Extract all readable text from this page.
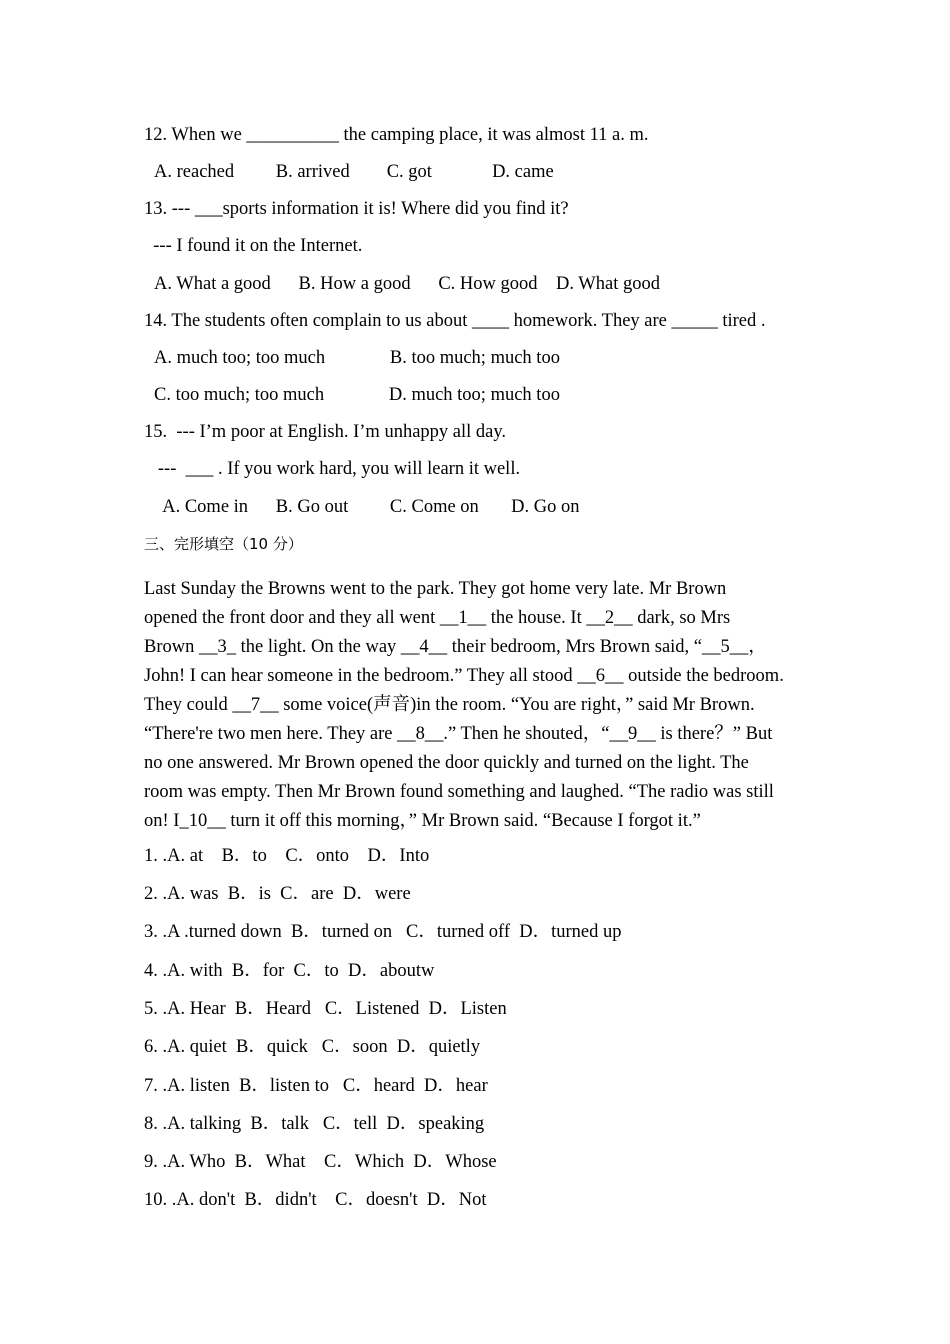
12. When we __________ the camping place, it was almost 11 a. m.
A. reached         B. arrived        C. got             D. came
13. --- ___sports information it is! Where did you find it?
--- I found it on the Internet.
A. What a good      B. How a good      C. How good    D. What good
14. The students often complain to us about ____ homework. They are _____ tired .
A. much too; too much              B. too much; much too
C. too much; too much              D. much too; much too
15.  --- I’m poor at English. I’m unhappy all day.
---  ___ . If you work hard, you will learn it well.
A. Come in      B. Go out         C. Come on       D. Go on
三、完形填空（10 分）
Last Sunday the Browns went to the park. They got home very late. Mr Brown
opened the front door and they all went __1__ the house. It __2__ dark, so Mrs
Brown __3_ the light. On the way __4__ their bedroom, Mrs Brown said, “__5__，
John! I can hear someone in the bedroom.” They all stood __6__ outside the bedroom.
They could __7__ some voice(声音)in the room. “You are right，” said Mr Brown.
“There're two men here. They are __8__.” Then he shouted，“__9__ is there？” But
no one answered. Mr Brown opened the door quickly and turned on the light. The
room was empty. Then Mr Brown found something and laughed. “The radio was still
on! I_10__ turn it off this morning，” Mr Brown said. “Because I forgot it.”
1. .A. at    B．to    C．onto    D．Into
2. .A. was  B．is  C．are  D．were
3. .A .turned down  B．turned on   C．turned off  D．turned up
4. .A. with  B．for  C．to  D．aboutw
5. .A. Hear  B．Heard   C．Listened  D．Listen
6. .A. quiet  B．quick   C．soon  D．quietly
7. .A. listen  B．listen to   C．heard  D．hear
8. .A. talking  B．talk   C．tell  D．speaking
9. .A. Who  B．What    C．Which  D．Whose
10. .A. don't  B．didn't    C．doesn't  D．Not
